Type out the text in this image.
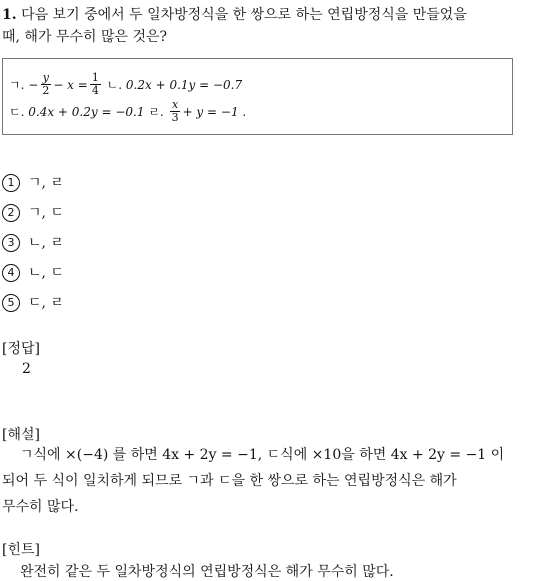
1. 다음 보기 중에서 두 일차방정식을 한 쌍으로 하는 연립방정식을 만들었을
때, 해가 무수히 많은 것은?
ㄱ.
− $\frac{y}{2} - x = \frac{1}{4}$
ㄴ.
0.2x + 0.1y = −0.7
ㄷ.
0.4x + 0.2y = −0.1
ㄹ.
$\frac{x}{3} + y = -1$ .
1 ㄱ, ㄹ
2 ㄱ, ㄷ
3 ㄴ, ㄹ
4 ㄴ, ㄷ
5 ㄷ, ㄹ
[정답]
2
[해설]
ㄱ식에 ×(−4) 를 하면 4x + 2y = −1, ㄷ식에 ×10을 하면 4x + 2y = −1 이
되어 두 식이 일치하게 되므로 ㄱ과 ㄷ을 한 쌍으로 하는 연립방정식은 해가
무수히 많다.
[힌트]
완전히 같은 두 일차방정식의 연립방정식은 해가 무수히 많다.
